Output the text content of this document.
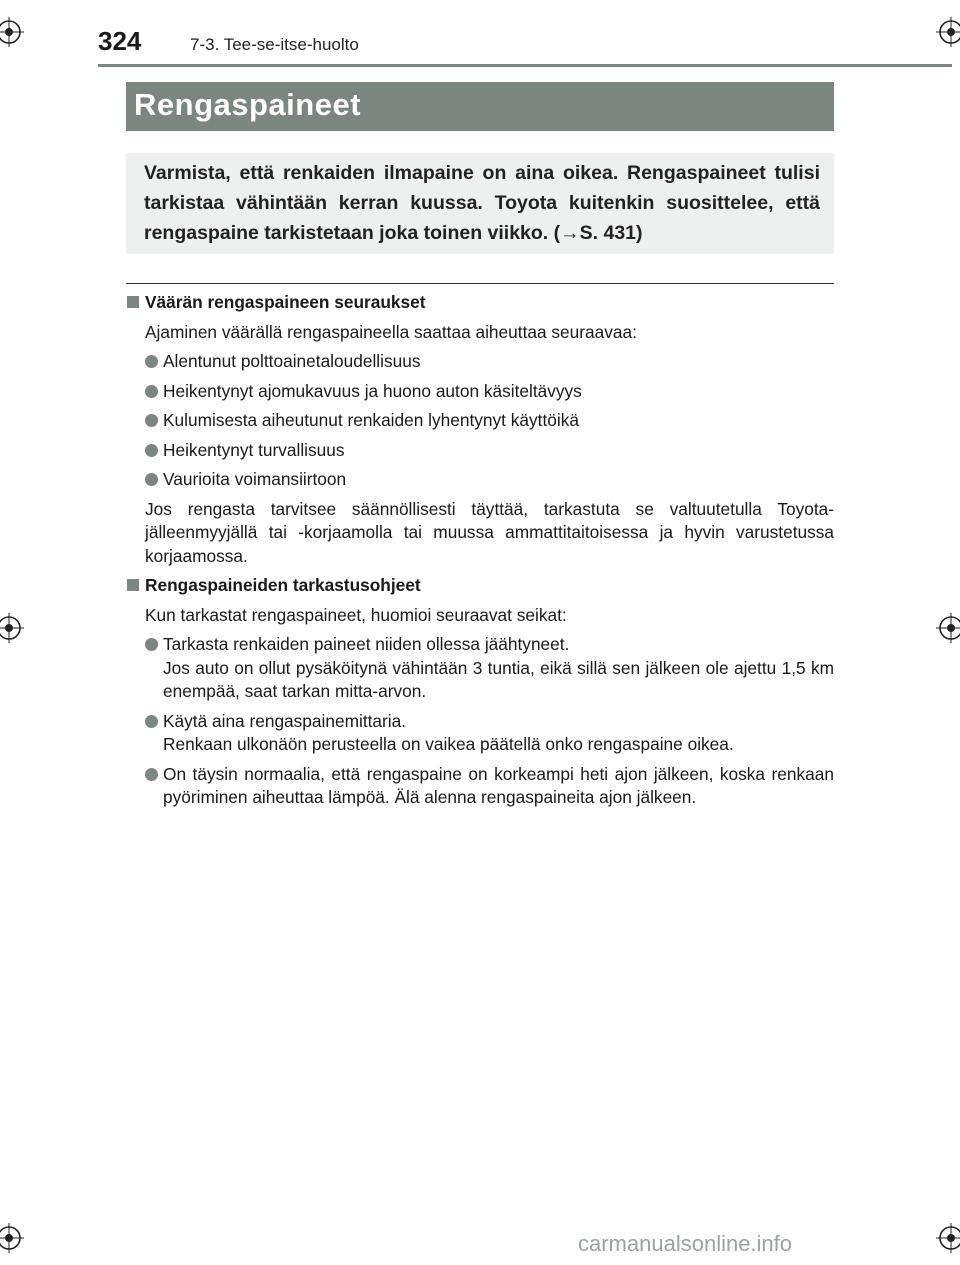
324	7-3. Tee-se-itse-huolto
Rengaspaineet

Varmista, että renkaiden ilmapaine on aina oikea. Rengaspaineet tulisi tarkistaa vähintään kerran kuussa. Toyota kuitenkin suosittelee, että rengaspaine tarkistetaan joka toinen viikko. (→S. 431)

Väärän rengaspaineen seuraukset
Ajaminen väärällä rengaspaineella saattaa aiheuttaa seuraavaa:
Alentunut polttoainetaloudellisuus
Heikentynyt ajomukavuus ja huono auton käsiteltävyys
Kulumisesta aiheutunut renkaiden lyhentynyt käyttöikä
Heikentynyt turvallisuus
Vaurioita voimansiirtoon
Jos rengasta tarvitsee säännöllisesti täyttää, tarkastuta se valtuutetulla Toyota-jälleenmyyjällä tai -korjaamolla tai muussa ammattitaitoisessa ja hyvin varustetussa korjaamossa.
Rengaspaineiden tarkastusohjeet
Kun tarkastat rengaspaineet, huomioi seuraavat seikat:
Tarkasta renkaiden paineet niiden ollessa jäähtyneet.
Jos auto on ollut pysäköitynä vähintään 3 tuntia, eikä sillä sen jälkeen ole ajettu 1,5 km enempää, saat tarkan mitta-arvon.
Käytä aina rengaspainemittaria.
Renkaan ulkonäön perusteella on vaikea päätellä onko rengaspaine oikea.
On täysin normaalia, että rengaspaine on korkeampi heti ajon jälkeen, koska renkaan pyöriminen aiheuttaa lämpöä. Älä alenna rengaspaineita ajon jälkeen.
carmanualsonline.info
